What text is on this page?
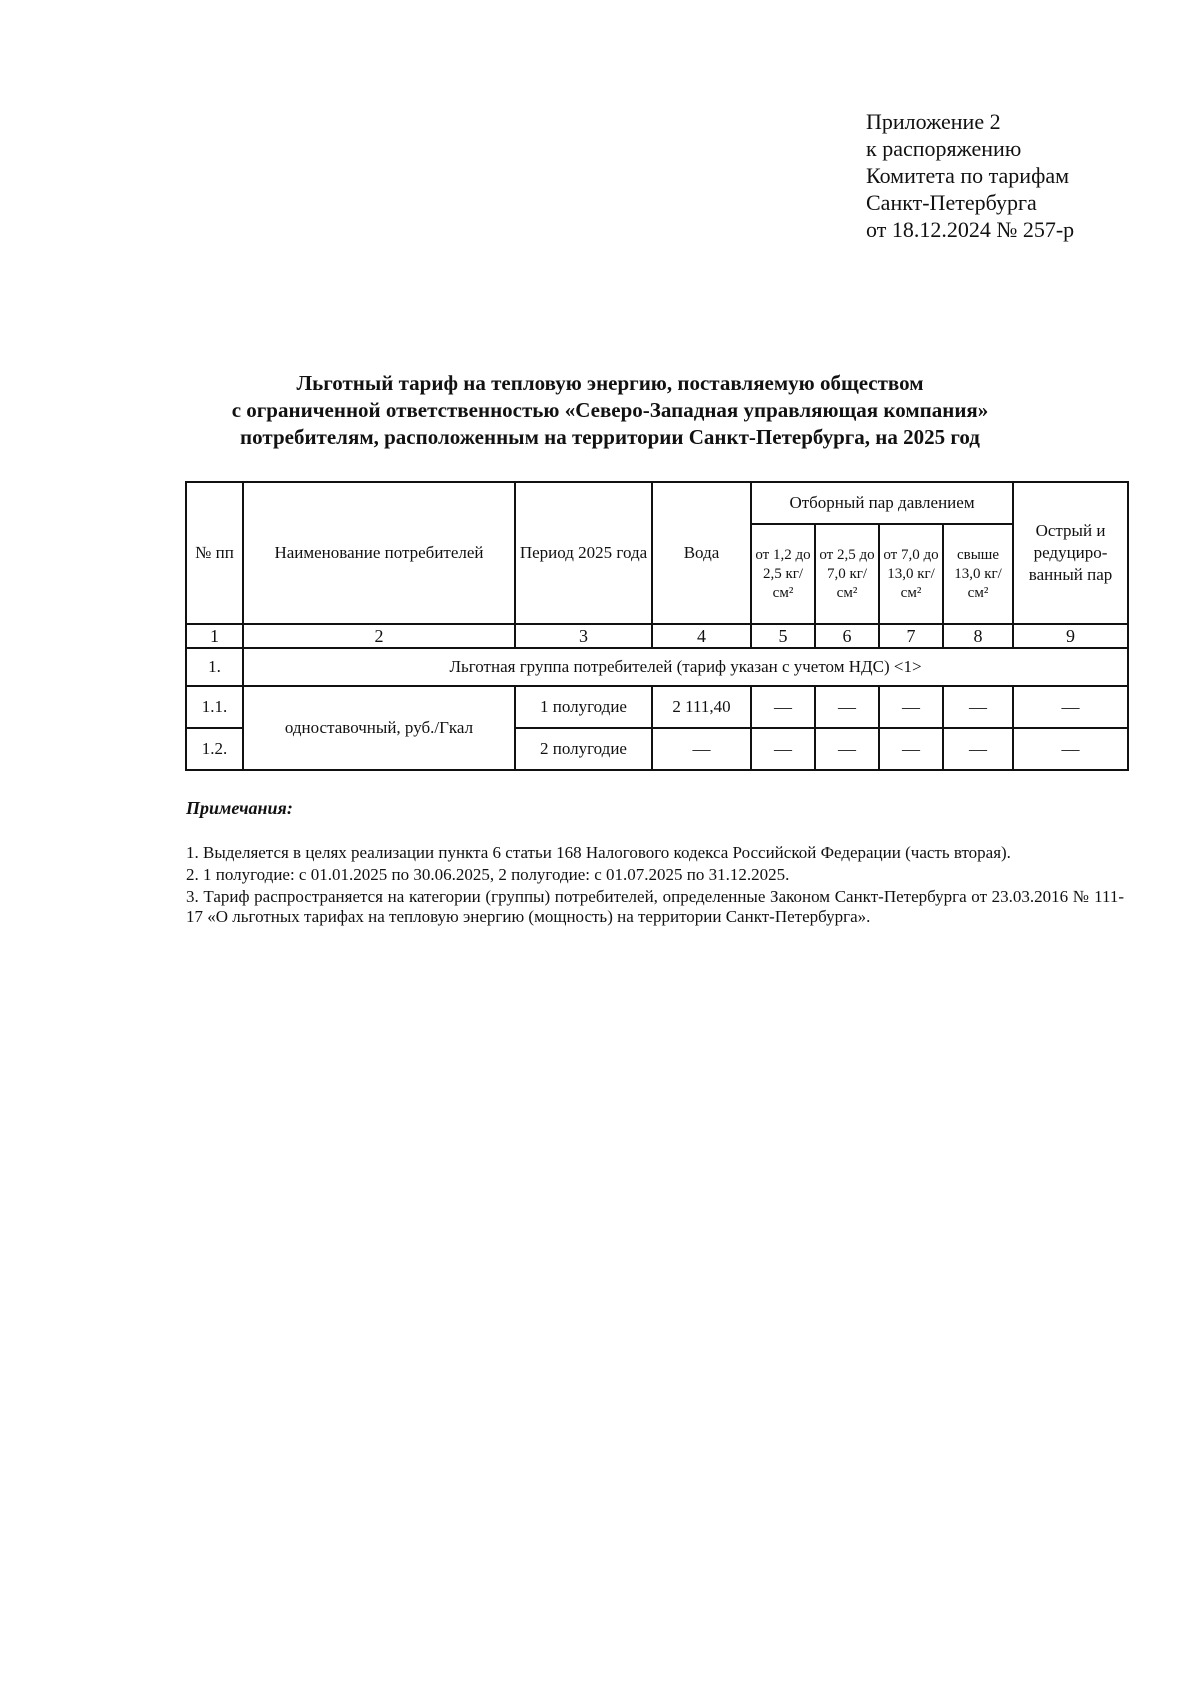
Приложение 2
к распоряжению
Комитета по тарифам
Санкт-Петербурга
от 18.12.2024 № 257-р
Льготный тариф на тепловую энергию, поставляемую обществом
с ограниченной ответственностью «Северо-Западная управляющая компания»
потребителям, расположенным на территории Санкт-Петербурга, на 2025 год
№ пп	Наименование потребителей	Период 2025 года	Вода	Отборный пар давлением				Острый и редуциро-ванный пар
				от 1,2 до 2,5 кг/см²	от 2,5 до 7,0 кг/см²	от 7,0 до 13,0 кг/см²	свыше 13,0 кг/см²	
1	2	3	4	5	6	7	8	9
1.	Льготная группа потребителей (тариф указан с учетом НДС) <1>							
1.1.	одноставочный, руб./Гкал	1 полугодие	2 111,40	—	—	—	—	—
1.2.		2 полугодие	—	—	—	—	—	—
Примечания:

1. Выделяется в целях реализации пункта 6 статьи 168 Налогового кодекса Российской Федерации (часть вторая).

2. 1 полугодие: с 01.01.2025 по 30.06.2025, 2 полугодие: с 01.07.2025 по 31.12.2025.

3. Тариф распространяется на категории (группы) потребителей, определенные Законом Санкт-Петербурга от 23.03.2016 № 111-17 «О льготных тарифах на тепловую энергию (мощность) на территории Санкт-Петербурга».
